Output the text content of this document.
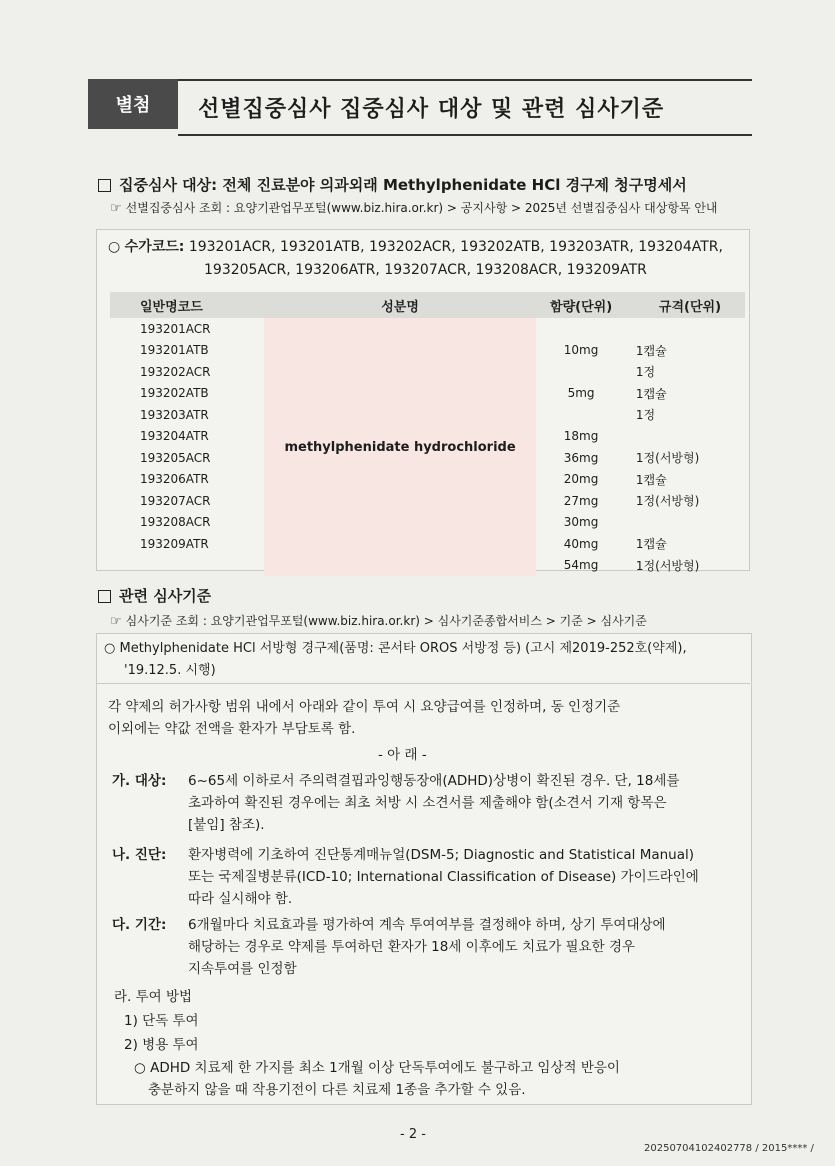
별첨	선별집중심사 집중심사 대상 및 관련 심사기준
집중심사 대상: 전체 진료분야 의과외래 Methylphenidate HCl 경구제 청구명세서
☞ 선별집중심사 조회 : 요양기관업무포털(www.biz.hira.or.kr) > 공지사항 > 2025년 선별집중심사 대상항목 안내
○ 수가코드: 193201ACR, 193201ATB, 193202ACR, 193202ATB, 193203ATR, 193204ATR,
193205ACR, 193206ATR, 193207ACR, 193208ACR, 193209ATR
일반명코드	성분명	함량(단위)	규격(단위)
193201ACR	methylphenidate hydrochloride		
193201ATB		10mg	1캡슐
193202ACR			1정
193202ATB		5mg	1캡슐
193203ATR			1정
193204ATR		18mg	
193205ACR		36mg	1정(서방형)
193206ATR		20mg	1캡슐
193207ACR		27mg	1정(서방형)
193208ACR		30mg	
193209ATR		40mg	1캡슐
		54mg	1정(서방형)
관련 심사기준
☞ 심사기준 조회 : 요양기관업무포털(www.biz.hira.or.kr) > 심사기준종합서비스 > 기준 > 심사기준
○ Methylphenidate HCl 서방형 경구제(품명: 콘서타 OROS 서방정 등) (고시 제2019-252호(약제),
'19.12.5. 시행)
각 약제의 허가사항 범위 내에서 아래와 같이 투여 시 요양급여를 인정하며, 동 인정기준
이외에는 약값 전액을 환자가 부담토록 함.
- 아 래 -
가. 대상:	6~65세 이하로서 주의력결핍과잉행동장애(ADHD)상병이 확진된 경우. 단, 18세를
초과하여 확진된 경우에는 최초 처방 시 소견서를 제출해야 함(소견서 기재 항목은
[붙임] 참조).
나. 진단:	환자병력에 기초하여 진단통계매뉴얼(DSM-5; Diagnostic and Statistical Manual)
또는 국제질병분류(ICD-10; International Classification of Disease) 가이드라인에
따라 실시해야 함.
다. 기간:	6개월마다 치료효과를 평가하여 계속 투여여부를 결정해야 하며, 상기 투여대상에
해당하는 경우로 약제를 투여하던 환자가 18세 이후에도 치료가 필요한 경우
지속투여를 인정함
라. 투여 방법
1) 단독 투여
2) 병용 투여
○ ADHD 치료제 한 가지를 최소 1개월 이상 단독투여에도 불구하고 임상적 반응이
충분하지 않을 때 작용기전이 다른 치료제 1종을 추가할 수 있음.
- 2 -
20250704102402778 / 2015**** /
